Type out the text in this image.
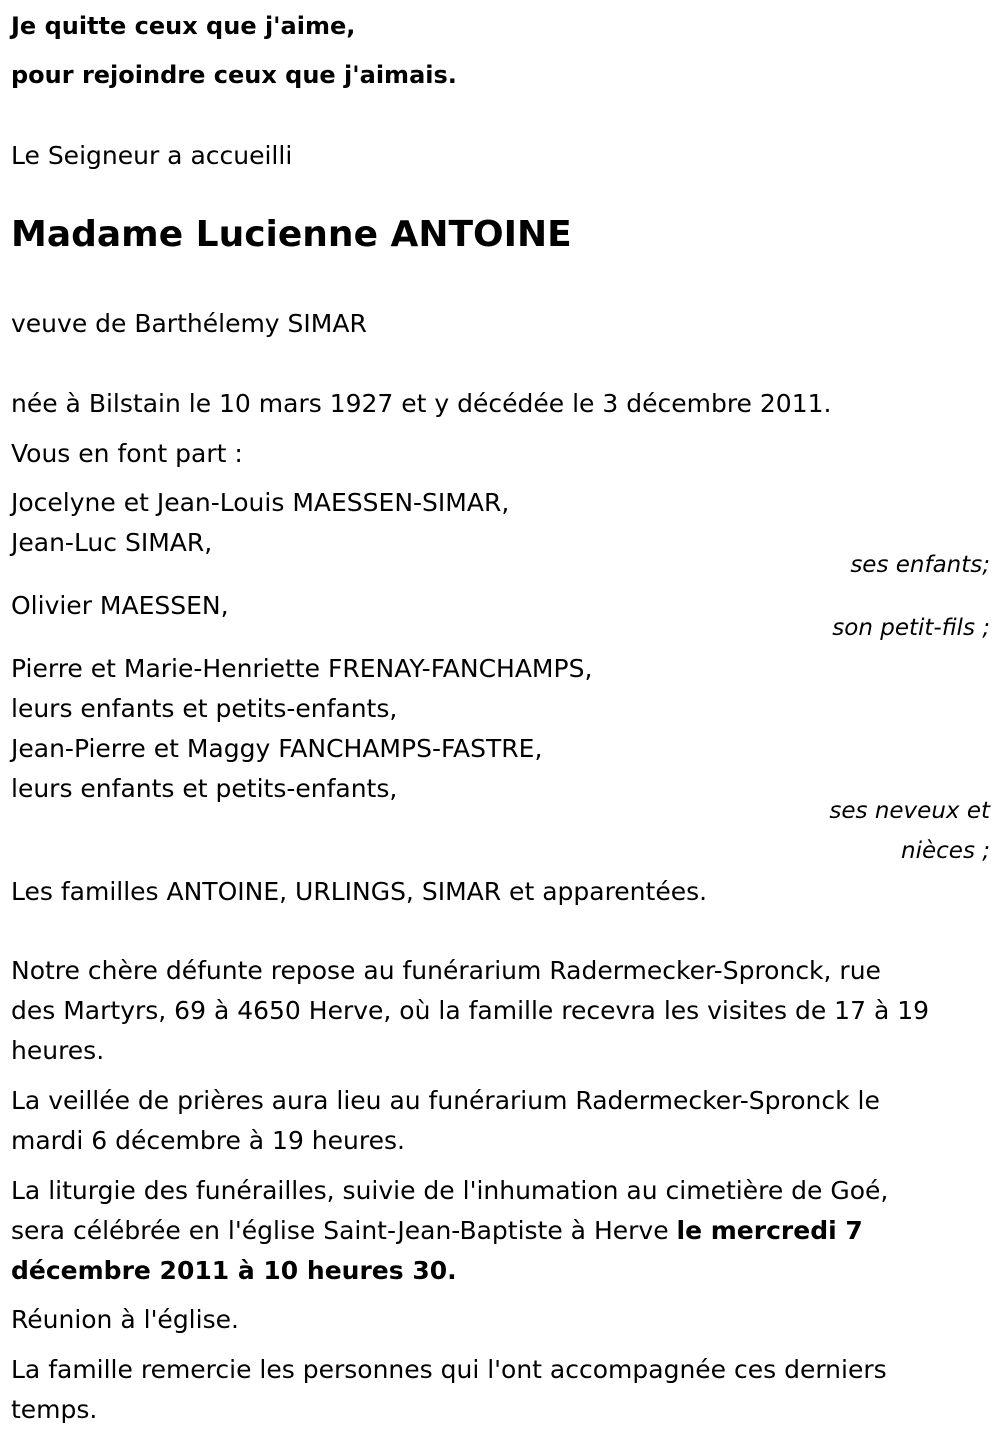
Je quitte ceux que j'aime,
pour rejoindre ceux que j'aimais.
Le Seigneur a accueilli
Madame Lucienne ANTOINE
veuve de Barthélemy SIMAR
née à Bilstain le 10 mars 1927 et y décédée le 3 décembre 2011.
Vous en font part :
Jocelyne et Jean-Louis MAESSEN-SIMAR,
Jean-Luc SIMAR,
ses enfants;
Olivier MAESSEN,
son petit-fils ;
Pierre et Marie-Henriette FRENAY-FANCHAMPS,
leurs enfants et petits-enfants,
Jean-Pierre et Maggy FANCHAMPS-FASTRE,
leurs enfants et petits-enfants,
ses neveux et
nièces ;
Les familles ANTOINE, URLINGS, SIMAR et apparentées.
Notre chère défunte repose au funérarium Radermecker-Spronck, rue
des Martyrs, 69 à 4650 Herve, où la famille recevra les visites de 17 à 19
heures.
La veillée de prières aura lieu au funérarium Radermecker-Spronck le
mardi 6 décembre à 19 heures.
La liturgie des funérailles, suivie de l'inhumation au cimetière de Goé,
sera célébrée en l'église Saint-Jean-Baptiste à Herve le mercredi 7
décembre 2011 à 10 heures 30.
Réunion à l'église.
La famille remercie les personnes qui l'ont accompagnée ces derniers
temps.
